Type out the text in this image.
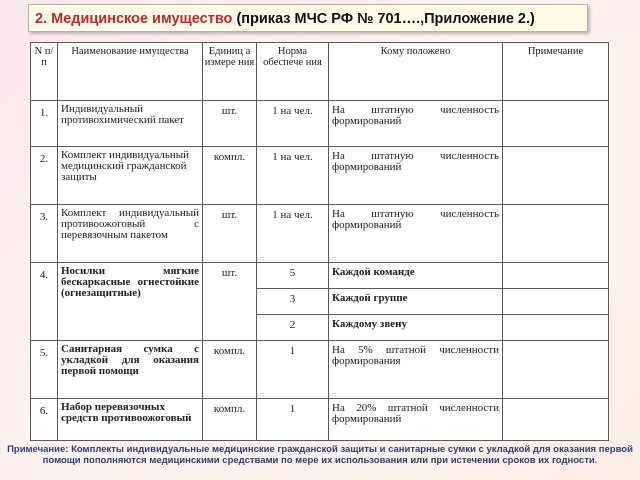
2. Медицинское имущество (приказ МЧС РФ № 701….,Приложение 2.)
N п/ п	Наименование имущества	Единиц а измере ния	Норма обеспече ния	Кому положено	Примечание
1.	Индивидуальный противохимический пакет	шт.	1 на чел.	На штатную численность формирований	
2.	Комплект индивидуальный медицинский гражданской защиты	компл.	1 на чел.	На штатную численность формирований	
3.	Комплект индивидуальный противоожоговый с перевязочным пакетом	шт.	1 на чел.	На штатную численность формирований	
4.	Носилки мягкие бескаркасные огнестойкие (огнезащитные)	шт.	5	Каждой команде	
			3	Каждой группе	
			2	Каждому звену	
5.	Санитарная сумка с укладкой для оказания первой помощи	компл.	1	На 5% штатной численности формирования	
6.	Набор перевязочных средств противоожоговый	компл.	1	На 20% штатной численности формирований	
Примечание: Комплекты индивидуальные медицинские гражданской защиты и санитарные сумки с укладкой для оказания первой помощи пополняются медицинскими средствами по мере их использования или при истечении сроков их годности.
